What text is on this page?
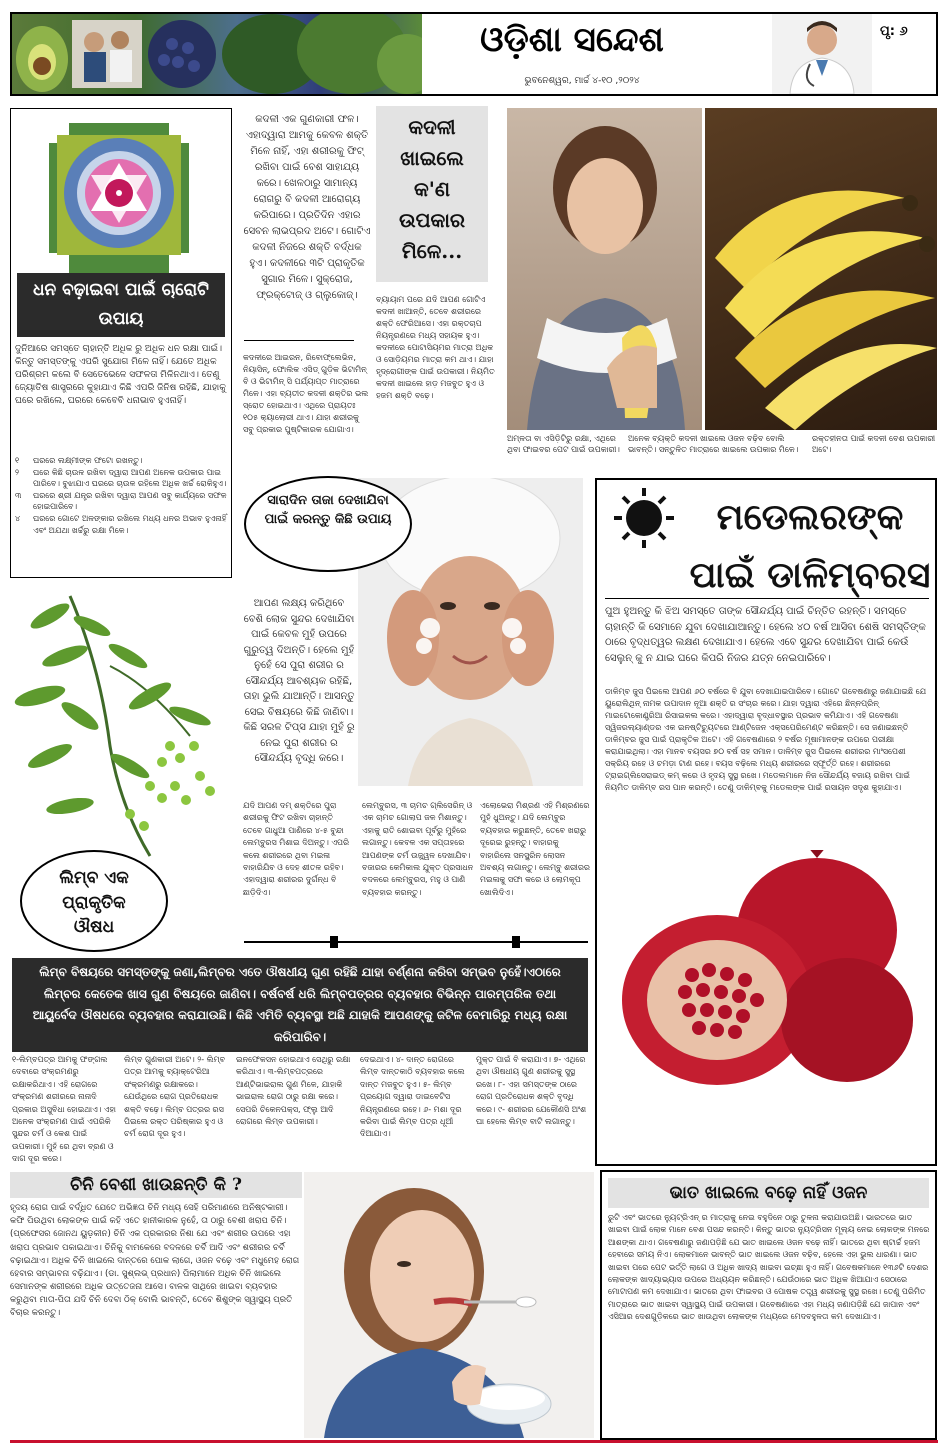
ଓଡ଼ିଶା ସନ୍ଦେଶ
ଭୁବନେଶ୍ୱର, ମାର୍ଚ୍ଚ ୪-୧୦ ,୨୦୨୪
ପୃ: ୬
ଧନ ବଢ଼ାଇବା ପାଇଁ ଚାରୋଟି ଉପାୟ
ଦୁନିଆରେ ସମସ୍ତେ ଚାହାନ୍ତି ଅଧିକ ରୁ ଅଧିକ ଧନ ରକ୍ଷା ପାଇଁ। କିନ୍ତୁ ସମସ୍ତଙ୍କୁ ଏପରି ସୁଯୋଗ ମିଳେ ନାହିଁ। ଯେତେ ଅଧିକ ପରିଶ୍ରମ କଲେ ବି ସେତେଭେଳେ ସଫଳତା ମିଳିନଥାଏ। ତେଣୁ ଜ୍ୟୋତିଷ ଶାସ୍ତ୍ରରେ କୁହାଯାଏ କିଛି ଏପରି ଜିନିଷ ରହିଛି, ଯାହାକୁ ଘରେ ରଖିଲେ, ଘରରେ କେବେବି ଧନାଭାବ ହୁଏନାହିଁ।
୧	ଘରରେ ଲକ୍ଷ୍ମୀଙ୍କ ଫଟୋ ରଖନ୍ତୁ।
୨	ଘରେ କିଛି ଚାଉଳ ରଖିବା ଦ୍ୱାରା ଆପଣ ଅନେକ ଉପକାର ପାଇ ପାରିବେ। ବୁଝାଯାଏ ଘରରେ ଚାଉଳ ରହିଲେ ଅଧିକ ଖର୍ଚ୍ଚ ରୋକିହୁଏ।
୩	ଘରରେ ଶ୍ରୀ ଯନ୍ତ୍ର ରଖିବା ଦ୍ୱାରା ଆପଣ ସବୁ କାର୍ଯ୍ୟରେ ସଫଳ ହୋଇପାରିବେ।
୪	ଘରରେ ଗୋଟେ ଅଳଙ୍କାର ରଖିଲେ ମଧ୍ୟ ଧନର ଅଭାବ ହୁଏନାହିଁ ଏବଂ ଅଯଥା ଖର୍ଚ୍ଚରୁ ରକ୍ଷା ମିଳେ।
କଦଳୀ ଏକ ଗୁଣକାରୀ ଫଳ। ଏହାଦ୍ୱାରା ଆମକୁ କେବଳ ଶକ୍ତି ମିଳେ ନାହିଁ, ଏହା ଶରୀରକୁ ଫିଟ୍ ରଖିବା ପାଇଁ ବେଶ ସାହାଯ୍ୟ କରେ। ଖେଳଠାରୁ ସାମାନ୍ୟ ରୋଗରୁ ବି କଦଳୀ ଆରୋଗ୍ୟ କରିପାରେ। ପ୍ରତିଦିନ ଏହାର ସେବନ ଲାଭପ୍ରଦ ଅଟେ। ଗୋଟିଏ କଦଳୀ ନିଜରେ ଶକ୍ତି ବର୍ଦ୍ଧକ ହୁଏ। କଦଳୀରେ ୩ଟି ପ୍ରାକୃତିକ ସୁଗାର ମିଳେ। ସୁକ୍ରୋଜ, ଫ୍ରକ୍ଟୋଜ୍ ଓ ଗ୍ଲୁକୋଜ୍।
କଦଳୀ ଖାଇଲେ କ'ଣ ଉପକାର ମିଳେ...
କଦଳୀରେ ଆଇରନ, ରିବୋଫ୍ଲେଭିନ, ନିୟାସିନ୍, ଫୋଲିକ ଏସିଡ୍ ଗୁଡ଼ିକ ଭିଟାମିନ୍ ବି ଓ ଭିଟାମିନ୍ ସି ପର୍ଯ୍ୟାପ୍ତ ମାତ୍ରାରେ ମିଳେ। ଏହା ବ୍ୟତୀତ କଦଳୀ ଶକ୍ତିର ଭଲ ସ୍ରୋତ ହୋଇଥାଏ। ଏଥିରେ ପ୍ରାୟତଃ ୧୦୫ କ୍ୟାଲୋରୀ ଥାଏ। ଯାହା ଶରୀରକୁ ସବୁ ପ୍ରକାର ପୁଷ୍ଟିକାରକ ଯୋଗାଏ।
ବ୍ୟାୟାମ ପରେ ଯଦି ଆପଣ ଗୋଟିଏ କଦଳୀ ଖାଆନ୍ତି, ତେବେ ଶରୀରରେ ଶକ୍ତି ଫେରିଆସେ। ଏହା ରକ୍ତଚାପ ନିୟନ୍ତ୍ରଣରେ ମଧ୍ୟ ସହାୟକ ହୁଏ। କଦଳୀରେ ପୋଟାସିୟମର ମାତ୍ରା ଅଧିକ ଓ ସୋଡ଼ିୟମର ମାତ୍ରା କମ ଥାଏ। ଯାହା ହୃଦ୍‌ରୋଗୀଙ୍କ ପାଇଁ ଉପକାରୀ। ନିୟମିତ କଦଳୀ ଖାଇଲେ ହାଡ଼ ମଜବୁତ ହୁଏ ଓ ହଜମ ଶକ୍ତି ବଢ଼େ।
ଅମ୍ଳତା ବା ଏସିଡ଼ିଟିରୁ ରକ୍ଷା, ଏଥିରେ ଥିବା ଫାଇବର ପେଟ ପାଇଁ ଉପକାରୀ।
ଅନେକ ବ୍ୟକ୍ତି କଦଳୀ ଖାଇଲେ ଓଜନ ବଢ଼ିବ ବୋଲି ଭାବନ୍ତି। ସନ୍ତୁଳିତ ମାତ୍ରାରେ ଖାଇଲେ ଉପକାର ମିଳେ।
ରକ୍ତହୀନତା ପାଇଁ କଦଳୀ ବେଶ ଉପକାରୀ ଅଟେ।
ସାରାଦିନ ତାଜା ଦେଖାଯିବା ପାଇଁ କରନ୍ତୁ କିଛି ଉପାୟ
ଆପଣ ଲକ୍ଷ୍ୟ କରିଥିବେ ବେଶି ଲୋକ ସୁନ୍ଦର ଦେଖାଯିବା ପାଇଁ କେବଳ ମୁହଁ ଉପରେ ଗୁରୁତ୍ୱ ଦିଅନ୍ତି। ହେଲେ ମୁହଁ ନୁହେଁ ସେ ପୁରା ଶରୀର ର ସୌନ୍ଦର୍ଯ୍ୟ ଆବଶ୍ୟକ ରହିଛି, ତାହା ଭୁଲି ଯାଆନ୍ତି। ଆସନ୍ତୁ ସେଇ ବିଷୟରେ କିଛି ଜାଣିବା। କିଛି ସରଳ ଟିପ୍ସ ଯାହା ମୁହଁ ରୁ ନେଇ ପୁରା ଶରୀର ର ସୌନ୍ଦର୍ଯ୍ୟ ବୃଦ୍ଧି କରେ।
ଯଦି ଆପଣ ଦମ୍ ଶକ୍ତିରେ ପୁରା ଶରୀରକୁ ଫିଟ ରଖିବା ଚାହାନ୍ତି ତେବେ ଗାଧୁଆ ପାଣିରେ ୪-୫ ବୁନ୍ଦା ଲେମ୍ବୁରସ ମିଶାଇ ଦିଅନ୍ତୁ। ଏପରି କଲେ ଶରୀରରେ ଥିବା ମଇଳା ବାହାରିଯିବ ଓ ଦେହ ଶୀତଳ ରହିବ। ଏହାଦ୍ୱାରା ଶରୀରର ଦୁର୍ଗନ୍ଧ ବି ଛାଡ଼ିଦିଏ।
ଲେମ୍ବୁରସ, ୩ ଚାମଚ ଗ୍ଲିସେରିନ୍ ଓ ଏକ ଚାମଚ ଗୋଲାପ ଜଳ ମିଶାନ୍ତୁ। ଏହାକୁ ରାତି ଶୋଇବା ପୂର୍ବରୁ ମୁହଁରେ ଲଗାନ୍ତୁ। କେବଳ ଏକ ସପ୍ତାହରେ ଆପଣଙ୍କ ଚର୍ମ ଉଜ୍ଜ୍ୱଳ ଦେଖାଯିବ। ବଜାରର କେମିକାଲ ଯୁକ୍ତ ପ୍ରସାଧନ ବଦଳରେ ଲେମ୍ବୁରସ, ମହୁ ଓ ପାଣି ବ୍ୟବହାର କରନ୍ତୁ।
ଏଲୋଭେରା ମିଶ୍ରଣ ଏହି ମିଶ୍ରଣରେ ମୁହଁ ଧୁଅନ୍ତୁ। ଯଦି ଲେମ୍ବୁର ବ୍ୟବହାର କରୁଛନ୍ତି, ତେବେ ଖରାରୁ ଦୂରେଇ ରୁହନ୍ତୁ। ବାହାରକୁ ବାହାରିଲେ ସନସ୍କ୍ରିନ ଲୋସନ ଅବଶ୍ୟ ଲଗାନ୍ତୁ। ଲେମ୍ବୁ ଶରୀରର ମଇଳାକୁ ସଫା କରେ ଓ ଲୋମକୂପ ଖୋଲିଦିଏ।
ମଡେଲରଙ୍କ ପାଇଁ ଡାଳିମ୍ବରସ
ପୁଅ ହୁଅନ୍ତୁ କି ଝିଅ ସମସ୍ତେ ତାଙ୍କ ସୌନ୍ଦର୍ଯ୍ୟ ପାଇଁ ଚିନ୍ତିତ ରହନ୍ତି। ସମସ୍ତେ ଚାହାନ୍ତି କି ସେମାନେ ଯୁବା ଦେଖାଯାଆନ୍ତୁ। ହେଲେ ୪୦ ବର୍ଷ ଆସିବା ଶେଷି ସମସ୍ତିଙ୍କ ଠାରେ ବୃଦ୍ଧତ୍ୱର ଲକ୍ଷଣ ଦେଖାଯାଏ। ହେଲେ ଏବେ ସୁନ୍ଦର ଦେଖାଯିବା ପାଇଁ କେଉଁ ସେଲୁନ୍ କୁ ନ ଯାଇ ଘରେ କିପରି ନିଜର ଯତ୍ନ ନେଇପାରିବେ।
ଡାଳିମ୍ବ ଜୁସ ପିଇଲେ ଆପଣ ୬୦ ବର୍ଷରେ ବି ଯୁବା ଦେଖାଯାଇପାରିବେ। ଗୋଟେ ଗବେଷଣାରୁ ଜଣାଯାଇଛି ଯେ ୟୁରୋଲିଥିନ୍ ନାମକ ଉପାଦାନ ନୂଆ ଶକ୍ତି ର ସଂଚାର କରେ। ଯାହା ଦ୍ୱାରା ଏହିରେ ଛିନ୍ନପ୍ରିନ୍ ମାଇଟୋକୋଣ୍ଡ୍ରିଆ ରିସାଇକଲ କରେ। ଏହାଦ୍ୱାରା ବୃଦ୍ଧାବସ୍ଥାର ପ୍ରଭାବ କମିଯାଏ। ଏହି ଗବେଷଣା ସ୍ୱିଜରଲ୍ୟାଣ୍ଡର ଏକ ଇନଷ୍ଟିଚ୍ୟୁଟରେ ଆଣ୍ଟିଜେନ ଏକ୍ସପେରିମେଣ୍ଟ କରିଛନ୍ତି। ସେ ଜଣାଇଛନ୍ତି ଡାଳିମ୍ବର ଜୁସ ପାଇଁ ପ୍ରାକୃତିକ ଅଟେ। ଏହି ଗବେଷଣାରେ ୨ ବର୍ଷର ମୂଷାମାନଙ୍କ ଉପରେ ପରୀକ୍ଷା କରାଯାଇଥିଲା। ଏହା ମାନବ ବୟସର ୭୦ ବର୍ଷ ସହ ସମାନ। ଡାଳିମ୍ବ ଜୁସ ପିଇଲେ ଶରୀରର ମାଂସପେଶୀ ସକ୍ରିୟ ରହେ ଓ ଚମଡ଼ା ଟାଣ ରହେ। ବୟସ ବଢ଼ିଲେ ମଧ୍ୟ ଶରୀରରେ ସ୍ଫୂର୍ତ୍ତି ରହେ। ଶରୀରରେ ଟ୍ରାଇଗ୍ଲିସେରାଇଡ୍ କମ୍ କରେ ଓ ହୃଦୟ ସୁସ୍ଥ ରଖେ। ମଡେଲମାନେ ନିଜ ସୌନ୍ଦର୍ଯ୍ୟ ବଜାୟ ରଖିବା ପାଇଁ ନିୟମିତ ଡାଳିମ୍ବ ରସ ପାନ କରନ୍ତି। ତେଣୁ ଡାଳିମ୍ବକୁ ମଡେଲଙ୍କ ପାଇଁ ରସାୟନ ସଦୃଶ କୁହାଯାଏ।
ଲିମ୍ବ ଏକ ପ୍ରାକୃତିକ ଔଷଧ
ଲିମ୍ବ ବିଷୟରେ ସମସ୍ତଙ୍କୁ ଜଣା,ଲିମ୍ବର ଏତେ ଔଷଧୀୟ ଗୁଣ ରହିଛି ଯାହା ବର୍ଣ୍ଣନା କରିବା ସମ୍ଭବ ନୁହେଁ।ଏଠାରେ ଲିମ୍ବର କେତେକ ଖାସ ଗୁଣ ବିଷୟରେ ଜାଣିବା। ବର୍ଷବର୍ଷ ଧରି ଲିମ୍ବପତ୍ରର ବ୍ୟବହାର ବିଭିନ୍ନ ପାରମ୍ପରିକ ତଥା ଆୟୁର୍ବେଦ ଔଷଧରେ ବ୍ୟବହାର କରାଯାଉଛି। କିଛି ଏମିତି ବ୍ୟବସ୍ଥା ଅଛି ଯାହାକି ଆପଣଙ୍କୁ ଜଟିଳ ବେମାରିରୁ ମଧ୍ୟ ରକ୍ଷା କରିପାରିବ।
୧-ଲିମ୍ବପତ୍ର ଆମକୁ ଫଙ୍ଗଲ ଦେବାରେ ସଂକ୍ରମଣରୁ ରକ୍ଷାକରିଥାଏ। ଏହି ରୋଗରେ ସଂକ୍ରମଣ ଶରୀରରେ ନାନାଦି ପ୍ରକାର ଅସୁବିଧା ହୋଇଥାଏ। ଏହା ଅନେକ ସଂକ୍ରମଣ ପାଇଁ ଏପରିକି ସୁନ୍ଦର ଚର୍ମ ଓ କେଶ ପାଇଁ ଉପକାରୀ। ମୁହଁ ରେ ଥିବା ବ୍ରଣ ଓ ଦାଗ ଦୂର କରେ।
ଲିମ୍ବ ଗୁଣକାରୀ ଅଟେ। ୨- ଲିମ୍ବ ପତ୍ର ଆମକୁ ବ୍ୟାକ୍ଟେରିଆ ସଂକ୍ରମଣରୁ ରକ୍ଷାକରେ। ଯେଉଁଥିରେ ରୋଗ ପ୍ରତିରୋଧକ ଶକ୍ତି ବଢ଼େ। ଲିମ୍ବ ପତ୍ରର ରସ ପିଇଲେ ରକ୍ତ ପରିଷ୍କାର ହୁଏ ଓ ଚର୍ମ ରୋଗ ଦୂର ହୁଏ।
ଇନଫେକସନ ହୋଇଥାଏ ସେଥିରୁ ରକ୍ଷା କରିଥାଏ। ୩-ଲିମ୍ବପତ୍ରରେ ଆଣ୍ଟିଭାଇରାଲ ଗୁଣ ମିଳେ, ଯାହାକି ଭାଇରାଲ ରୋଗ ଠାରୁ ରକ୍ଷା କରେ। ସେପରି ଚିକେନପକ୍ସ, ଫ୍ଲୁ ଆଦି ରୋଗରେ ଲିମ୍ବ ଉପକାରୀ।
ଦେଇଥାଏ। ୪- ଦାନ୍ତ ରୋଗରେ ଲିମ୍ବ ଦାନ୍ତକାଠି ବ୍ୟବହାର କଲେ ଦାନ୍ତ ମଜବୁତ ହୁଏ। ୫- ଲିମ୍ବ ପ୍ରୟୋଗ ଦ୍ୱାରା ଡାଇବେଟିସ ନିୟନ୍ତ୍ରଣରେ ରହେ। ୬- ମଶା ଦୂର କରିବା ପାଇଁ ଲିମ୍ବ ପତ୍ର ଧୂଆଁ ଦିଆଯାଏ।
ମୁକ୍ତ ପାଇଁ ବି କରାଯାଏ। ୭- ଏଥିରେ ଥିବା ଔଷଧୀୟ ଗୁଣ ଶରୀରକୁ ସୁସ୍ଥ ରଖେ। ୮- ଏହା ସମସ୍ତଙ୍କ ଠାରେ ରୋଗ ପ୍ରତିରୋଧକ ଶକ୍ତି ବୃଦ୍ଧି କରେ। ୯- ଶରୀରର ଯେକୌଣସି ଅଂଶ ଘା ହେଲେ ଲିମ୍ବ ବାଟି ଲଗାନ୍ତୁ।
ଚିନି ବେଶୀ ଖାଉଛନ୍ତି କି ?
ହୃଦୟ ରୋଗ ପାଇଁ ବର୍ଦ୍ଧିତ ଯେତେ ଅଭିଜ୍ଞତା ଚିନି ମଧ୍ୟ ସେହି ପରିମାଣରେ ଅନିଷ୍ଟକାରୀ। କଫି ପିଉଥିବା ଲୋକଙ୍କ ପାଇଁ କହି ଏତେ ହାନୀକାରକ ନୁହେଁ, ତା ଠାରୁ ବେଶୀ ଖରାପ ଚିନି। (ପ୍ରଫେସର ଜୋନଥ ୟୁଡ଼କୀନ) ଚିନି ଏକ ପ୍ରକାରର ନିଶା ଯେ ଏବଂ ଶରୀର ଉପରେ ଏହା ଖରାପ ପ୍ରଭାବ ପକାଇଥାଏ। ଚିନିକୁ ବାମକେରେ ବଦଳରେ ଚର୍ବି ଆଦି ଏବଂ ଶରୀରର ଚର୍ବି ବଢ଼ାଇଥାଏ। ଅଧିକ ଚିନି ଖାଇଲେ ଦାନ୍ତରେ ପୋକ ଲାଗେ, ଓଜନ ବଢ଼େ ଏବଂ ମଧୁମେହ ରୋଗ ହେବାର ସମ୍ଭାବନା ବଢ଼ିଯାଏ। (ଡା. ସୁଶ୍ଲଭ୍ ପ୍ରଧାନ) ପିଲାମାନେ ଅଧିକ ଚିନି ଖାଇଲେ ସେମାନଙ୍କ ଶରୀରରେ ଅଧିକ ଉତ୍ତେଜନା ଆସେ। ବାଳକ ସାଥିରେ ଖାଇବା ବ୍ୟବହାର କରୁଥିବା ମାତା-ପିତା ଯଦି ଚିନି ଦେବା ଠିକ୍ ବୋଲି ଭାବନ୍ତି, ତେବେ ଶିଶୁଙ୍କ ସ୍ୱାସ୍ଥ୍ୟ ପ୍ରତି ବିଚାର କରନ୍ତୁ।
ଭାତ ଖାଇଲେ ବଢ଼େ ନାହିଁ ଓଜନ
ରୁଟି ଏବଂ ଭାତରେ ନ୍ୟୁଟ୍ରିଏନ୍ ର ମାତ୍ରାକୁ ନେଇ ବହୁଦିନେ ଠାରୁ ତୁଳନା କରାଯାଉଅଛି। ଭାରତରେ ଭାତ ଖାଇବା ପାଇଁ ଲୋକ ମାନେ ବେଶ ପସନ୍ଦ କରନ୍ତି। କିନ୍ତୁ ଭାତର ନ୍ୟୁଟ୍ରିସନ ମୂଲ୍ୟ ନେଇ ଲୋକଙ୍କ ମନରେ ଆଶଙ୍କା ଥାଏ। ଗବେଷଣାରୁ ଜଣାପଡ଼ିଛି ଯେ ଭାତ ଖାଇଲେ ଓଜନ ବଢ଼େ ନାହିଁ। ଭାତରେ ଥିବା ଷ୍ଟାର୍ଚ୍ଚ ହଜମ ହେବାରେ ସମୟ ନିଏ। ଲୋକମାନେ ଭାବନ୍ତି ଭାତ ଖାଇଲେ ଓଜନ ବଢ଼ିବ, ହେଲେ ଏହା ଭୁଲ ଧାରଣା। ଭାତ ଖାଇବା ପରେ ପେଟ ଭର୍ତ୍ତି ଲାଗେ ଓ ଅଧିକ ଖାଦ୍ୟ ଖାଇବା ଇଚ୍ଛା ହୁଏ ନାହିଁ। ଗବେଷକମାନେ ୧୩୬ଟି ଦେଶର ଲୋକଙ୍କ ଖାଦ୍ୟାଭ୍ୟାସ ଉପରେ ଅଧ୍ୟୟନ କରିଛନ୍ତି। ଯେଉଁଠାରେ ଭାତ ଅଧିକ ଖିଆଯାଏ ସେଠାରେ ମୋଟାପଣ କମ ଦେଖାଯାଏ। ଭାତରେ ଥିବା ଫାଇବର ଓ ପୋଷକ ତତ୍ତ୍ୱ ଶରୀରକୁ ସୁସ୍ଥ ରଖେ। ତେଣୁ ପରିମିତ ମାତ୍ରାରେ ଭାତ ଖାଇବା ସ୍ୱାସ୍ଥ୍ୟ ପାଇଁ ଉପକାରୀ। ଗବେଷଣାରେ ଏହା ମଧ୍ୟ ଜଣାପଡ଼ିଛି ଯେ ଜାପାନ ଏବଂ ଏସିଆର ଦେଶଗୁଡ଼ିକରେ ଭାତ ଖାଉଥିବା ଲୋକଙ୍କ ମଧ୍ୟରେ ମେଦବହୁଳତା କମ ଦେଖାଯାଏ।
